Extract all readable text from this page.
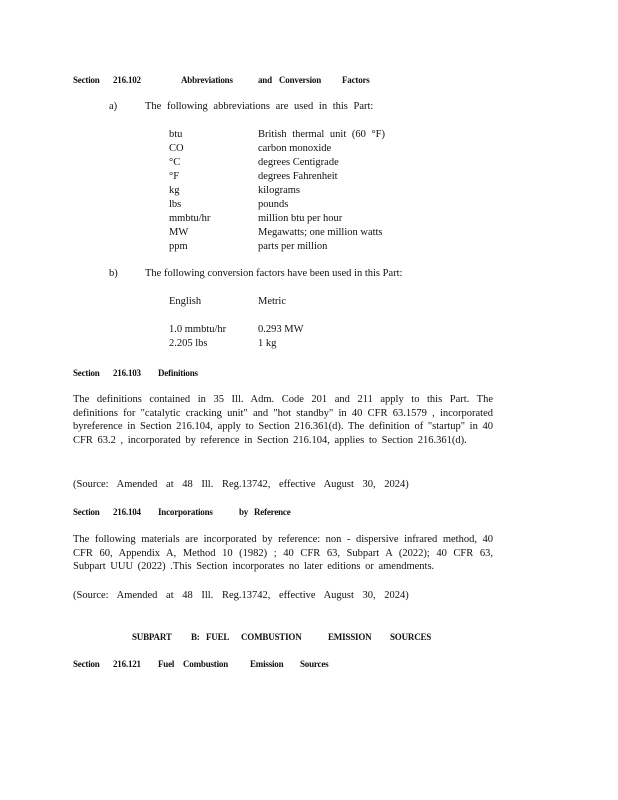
Section 216.102	Abbreviations	and Conversion Factors
a)	The following abbreviations are used in this Part:
btu	British thermal unit (60 °F)
CO	carbon monoxide
°C	degrees Centigrade
°F	degrees Fahrenheit
kg	kilograms
lbs	pounds
mmbtu/hr	million btu per hour
MW	Megawatts; one million watts
ppm	parts per million
b)	The following conversion factors have been used in this Part:
English	Metric
1.0 mmbtu/hr	0.293 MW
2.205 lbs	1 kg
Section 216.103 Definitions
The definitions contained in 35 Ill. Adm. Code 201 and 211 apply to this Part. The definitions for "catalytic cracking unit" and "hot standby" in 40 CFR 63.1579 , incorporated byreference in Section 216.104, apply to Section 216.361(d). The definition of "startup" in 40 CFR 63.2 , incorporated by reference in Section 216.104, applies to Section 216.361(d).
(Source: Amended at 48 Ill. Reg.13742, effective August 30, 2024)
Section 216.104 Incorporations	by Reference
The following materials are incorporated by reference: non - dispersive infrared method, 40 CFR 60, Appendix A, Method 10 (1982) ; 40 CFR 63, Subpart A (2022); 40 CFR 63, Subpart UUU (2022) .This Section incorporates no later editions or amendments.
(Source: Amended at 48 Ill. Reg.13742, effective August 30, 2024)
SUBPART B: FUEL COMBUSTION	EMISSION SOURCES
Section 216.121 Fuel Combustion Emission Sources
